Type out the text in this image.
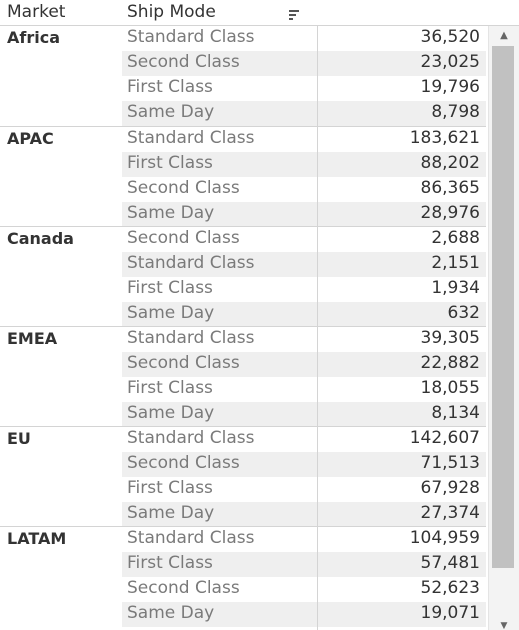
Market	Ship Mode
Africa	Standard Class	36,520
Second Class	23,025
First Class	19,796
Same Day	8,798
APAC	Standard Class	183,621
First Class	88,202
Second Class	86,365
Same Day	28,976
Canada	Second Class	2,688
Standard Class	2,151
First Class	1,934
Same Day	632
EMEA	Standard Class	39,305
Second Class	22,882
First Class	18,055
Same Day	8,134
EU	Standard Class	142,607
Second Class	71,513
First Class	67,928
Same Day	27,374
LATAM	Standard Class	104,959
First Class	57,481
Second Class	52,623
Same Day	19,071
▲
▼
